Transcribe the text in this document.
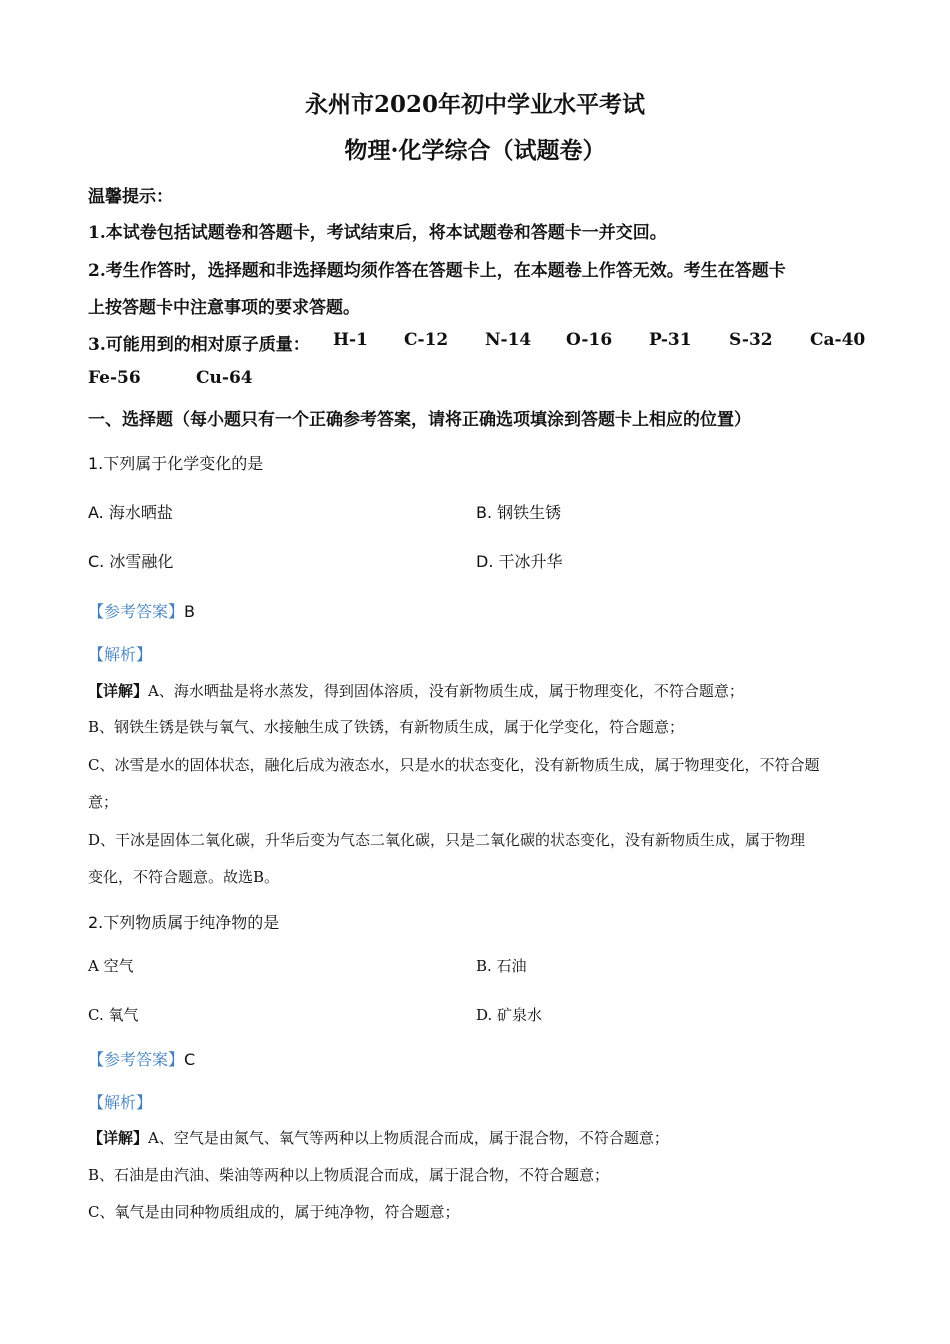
永州市2020年初中学业水平考试
物理·化学综合（试题卷）

温馨提示：

1.本试卷包括试题卷和答题卡，考试结束后，将本试题卷和答题卡一并交回。

2.考生作答时，选择题和非选择题均须作答在答题卡上，在本题卷上作答无效。考生在答题卡

上按答题卡中注意事项的要求答题。

3.可能用到的相对原子质量： H-1 C-12 N-14 O-16 P-31 S-32 Ca-40
Fe-56	Cu-64

一、选择题（每小题只有一个正确参考答案，请将正确选项填涂到答题卡上相应的位置）

1.下列属于化学变化的是

A. 海水晒盐	B. 钢铁生锈

C. 冰雪融化	D. 干冰升华

【参考答案】B

【解析】

【详解】A、海水晒盐是将水蒸发，得到固体溶质，没有新物质生成，属于物理变化，不符合题意；

B、钢铁生锈是铁与氧气、水接触生成了铁锈，有新物质生成，属于化学变化，符合题意；

C、冰雪是水的固体状态，融化后成为液态水，只是水的状态变化，没有新物质生成，属于物理变化，不符合题

意；

D、干冰是固体二氧化碳，升华后变为气态二氧化碳，只是二氧化碳的状态变化，没有新物质生成，属于物理

变化，不符合题意。故选B。

2.下列物质属于纯净物的是

A 空气	B. 石油

C. 氧气	D. 矿泉水

【参考答案】C

【解析】

【详解】A、空气是由氮气、氧气等两种以上物质混合而成，属于混合物，不符合题意；

B、石油是由汽油、柴油等两种以上物质混合而成，属于混合物，不符合题意；

C、氧气是由同种物质组成的，属于纯净物，符合题意；
